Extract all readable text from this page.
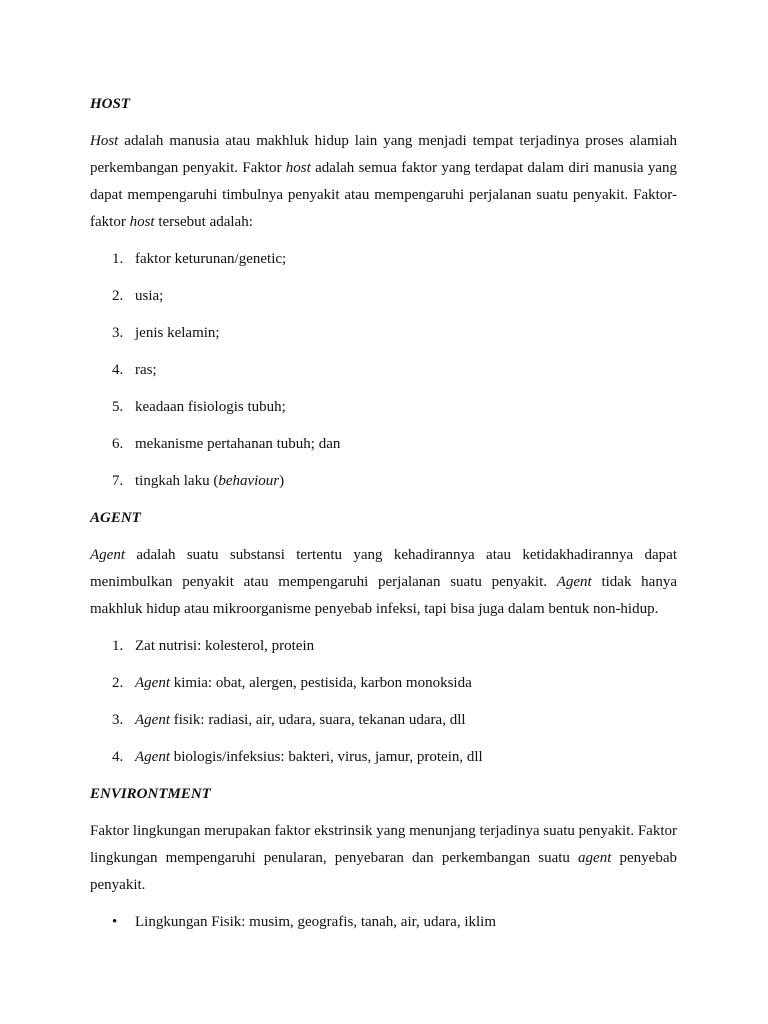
HOST
Host adalah manusia atau makhluk hidup lain yang menjadi tempat terjadinya proses alamiah perkembangan penyakit. Faktor host adalah semua faktor yang terdapat dalam diri manusia yang dapat mempengaruhi timbulnya penyakit atau mempengaruhi perjalanan suatu penyakit. Faktor-faktor host tersebut adalah:
1. faktor keturunan/genetic;
2. usia;
3. jenis kelamin;
4. ras;
5. keadaan fisiologis tubuh;
6. mekanisme pertahanan tubuh; dan
7. tingkah laku (behaviour)
AGENT
Agent adalah suatu substansi tertentu yang kehadirannya atau ketidakhadirannya dapat menimbulkan penyakit atau mempengaruhi perjalanan suatu penyakit. Agent tidak hanya makhluk hidup atau mikroorganisme penyebab infeksi, tapi bisa juga dalam bentuk non-hidup.
1. Zat nutrisi: kolesterol, protein
2. Agent kimia: obat, alergen, pestisida, karbon monoksida
3. Agent fisik: radiasi, air, udara, suara, tekanan udara, dll
4. Agent biologis/infeksius: bakteri, virus, jamur, protein, dll
ENVIRONTMENT
Faktor lingkungan merupakan faktor ekstrinsik yang menunjang terjadinya suatu penyakit. Faktor lingkungan mempengaruhi penularan, penyebaran dan perkembangan suatu agent penyebab penyakit.
• Lingkungan Fisik: musim, geografis, tanah, air, udara, iklim
